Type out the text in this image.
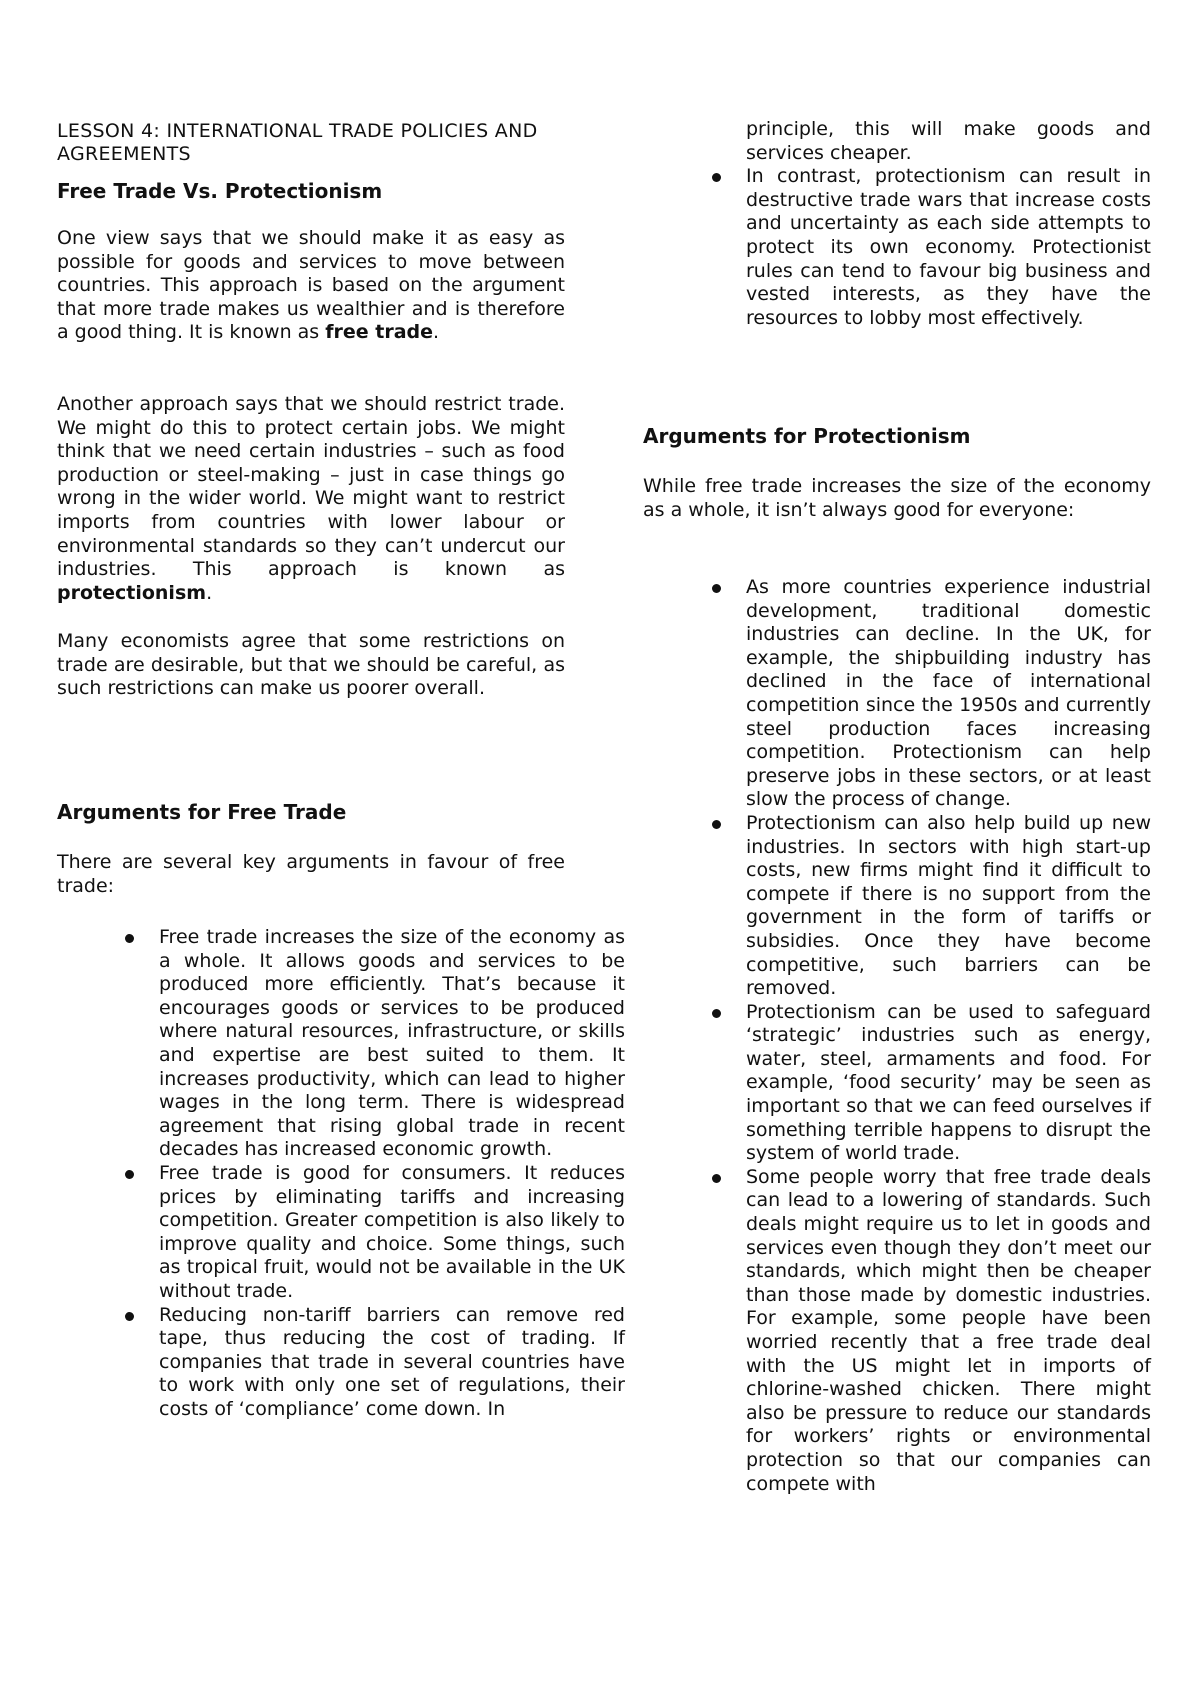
LESSON 4: INTERNATIONAL TRADE POLICIES AND AGREEMENTS
Free Trade Vs. Protectionism

One view says that we should make it as easy as possible for goods and services to move between countries. This approach is based on the argument that more trade makes us wealthier and is therefore a good thing. It is known as free trade.

Another approach says that we should restrict trade. We might do this to protect certain jobs. We might think that we need certain industries – such as food production or steel-making – just in case things go wrong in the wider world. We might want to restrict imports from countries with lower labour or environmental standards so they can’t undercut our industries. This approach is known as protectionism.

Many economists agree that some restrictions on trade are desirable, but that we should be careful, as such restrictions can make us poorer overall.

Arguments for Free Trade

There are several key arguments in favour of free trade:

Free trade increases the size of the economy as a whole. It allows goods and services to be produced more efficiently. That’s because it encourages goods or services to be produced where natural resources, infrastructure, or skills and expertise are best suited to them. It increases productivity, which can lead to higher wages in the long term. There is widespread agreement that rising global trade in recent decades has increased economic growth.
Free trade is good for consumers. It reduces prices by eliminating tariffs and increasing competition. Greater competition is also likely to improve quality and choice. Some things, such as tropical fruit, would not be available in the UK without trade.
Reducing non-tariff barriers can remove red tape, thus reducing the cost of trading. If companies that trade in several countries have to work with only one set of regulations, their costs of ‘compliance’ come down. In
principle, this will make goods and services cheaper.
In contrast, protectionism can result in destructive trade wars that increase costs and uncertainty as each side attempts to protect its own economy. Protectionist rules can tend to favour big business and vested interests, as they have the resources to lobby most effectively.
Arguments for Protectionism

While free trade increases the size of the economy as a whole, it isn’t always good for everyone:

As more countries experience industrial development, traditional domestic industries can decline. In the UK, for example, the shipbuilding industry has declined in the face of international competition since the 1950s and currently steel production faces increasing competition. Protectionism can help preserve jobs in these sectors, or at least slow the process of change.
Protectionism can also help build up new industries. In sectors with high start-up costs, new firms might find it difficult to compete if there is no support from the government in the form of tariffs or subsidies. Once they have become competitive, such barriers can be removed.
Protectionism can be used to safeguard ‘strategic’ industries such as energy, water, steel, armaments and food. For example, ‘food security’ may be seen as important so that we can feed ourselves if something terrible happens to disrupt the system of world trade.
Some people worry that free trade deals can lead to a lowering of standards. Such deals might require us to let in goods and services even though they don’t meet our standards, which might then be cheaper than those made by domestic industries. For example, some people have been worried recently that a free trade deal with the US might let in imports of chlorine-washed chicken. There might also be pressure to reduce our standards for workers’ rights or environmental protection so that our companies can compete with
